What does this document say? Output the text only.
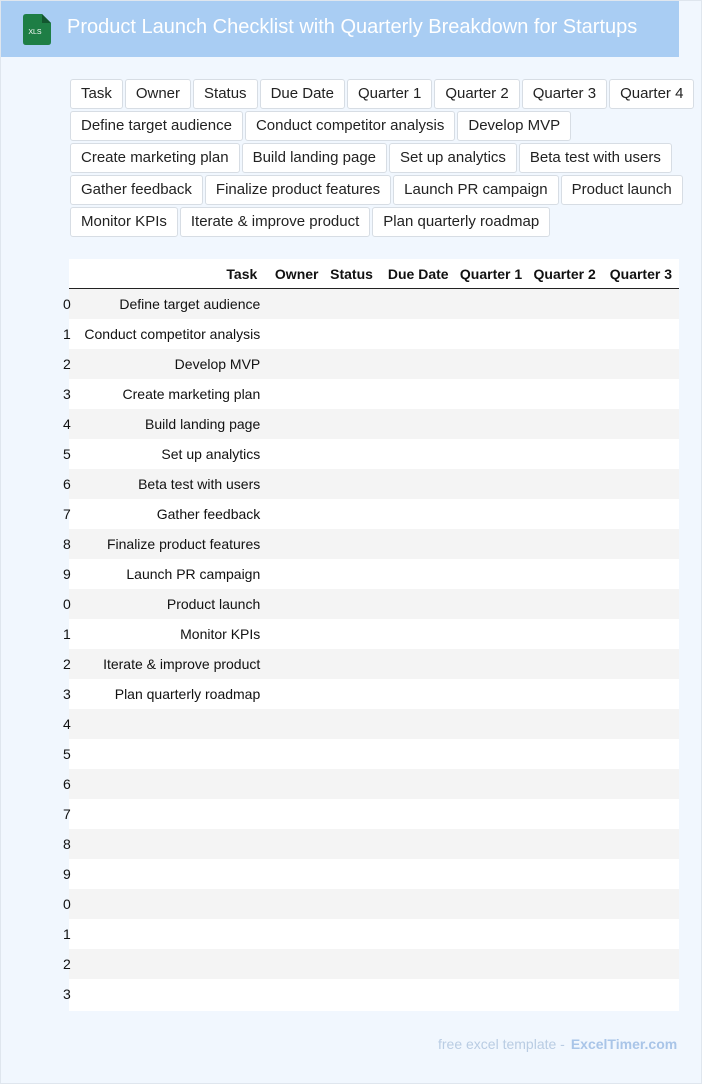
XLS Product Launch Checklist with Quarterly Breakdown for Startups
Task Owner Status Due Date Quarter 1 Quarter 2 Quarter 3 Quarter 4
Define target audience Conduct competitor analysis Develop MVP
Create marketing plan Build landing page Set up analytics Beta test with users
Gather feedback Finalize product features Launch PR campaign Product launch
Monitor KPIs Iterate & improve product Plan quarterly roadmap
	Task	Owner	Status	Due Date	Quarter 1	Quarter 2	Quarter 3
0	Define target audience						
1	Conduct competitor analysis						
2	Develop MVP						
3	Create marketing plan						
4	Build landing page						
5	Set up analytics						
6	Beta test with users						
7	Gather feedback						
8	Finalize product features						
9	Launch PR campaign						
0	Product launch						
1	Monitor KPIs						
2	Iterate & improve product						
3	Plan quarterly roadmap						
4							
5							
6							
7							
8							
9							
0							
1							
2							
3							
free excel template - ExcelTimer.com
